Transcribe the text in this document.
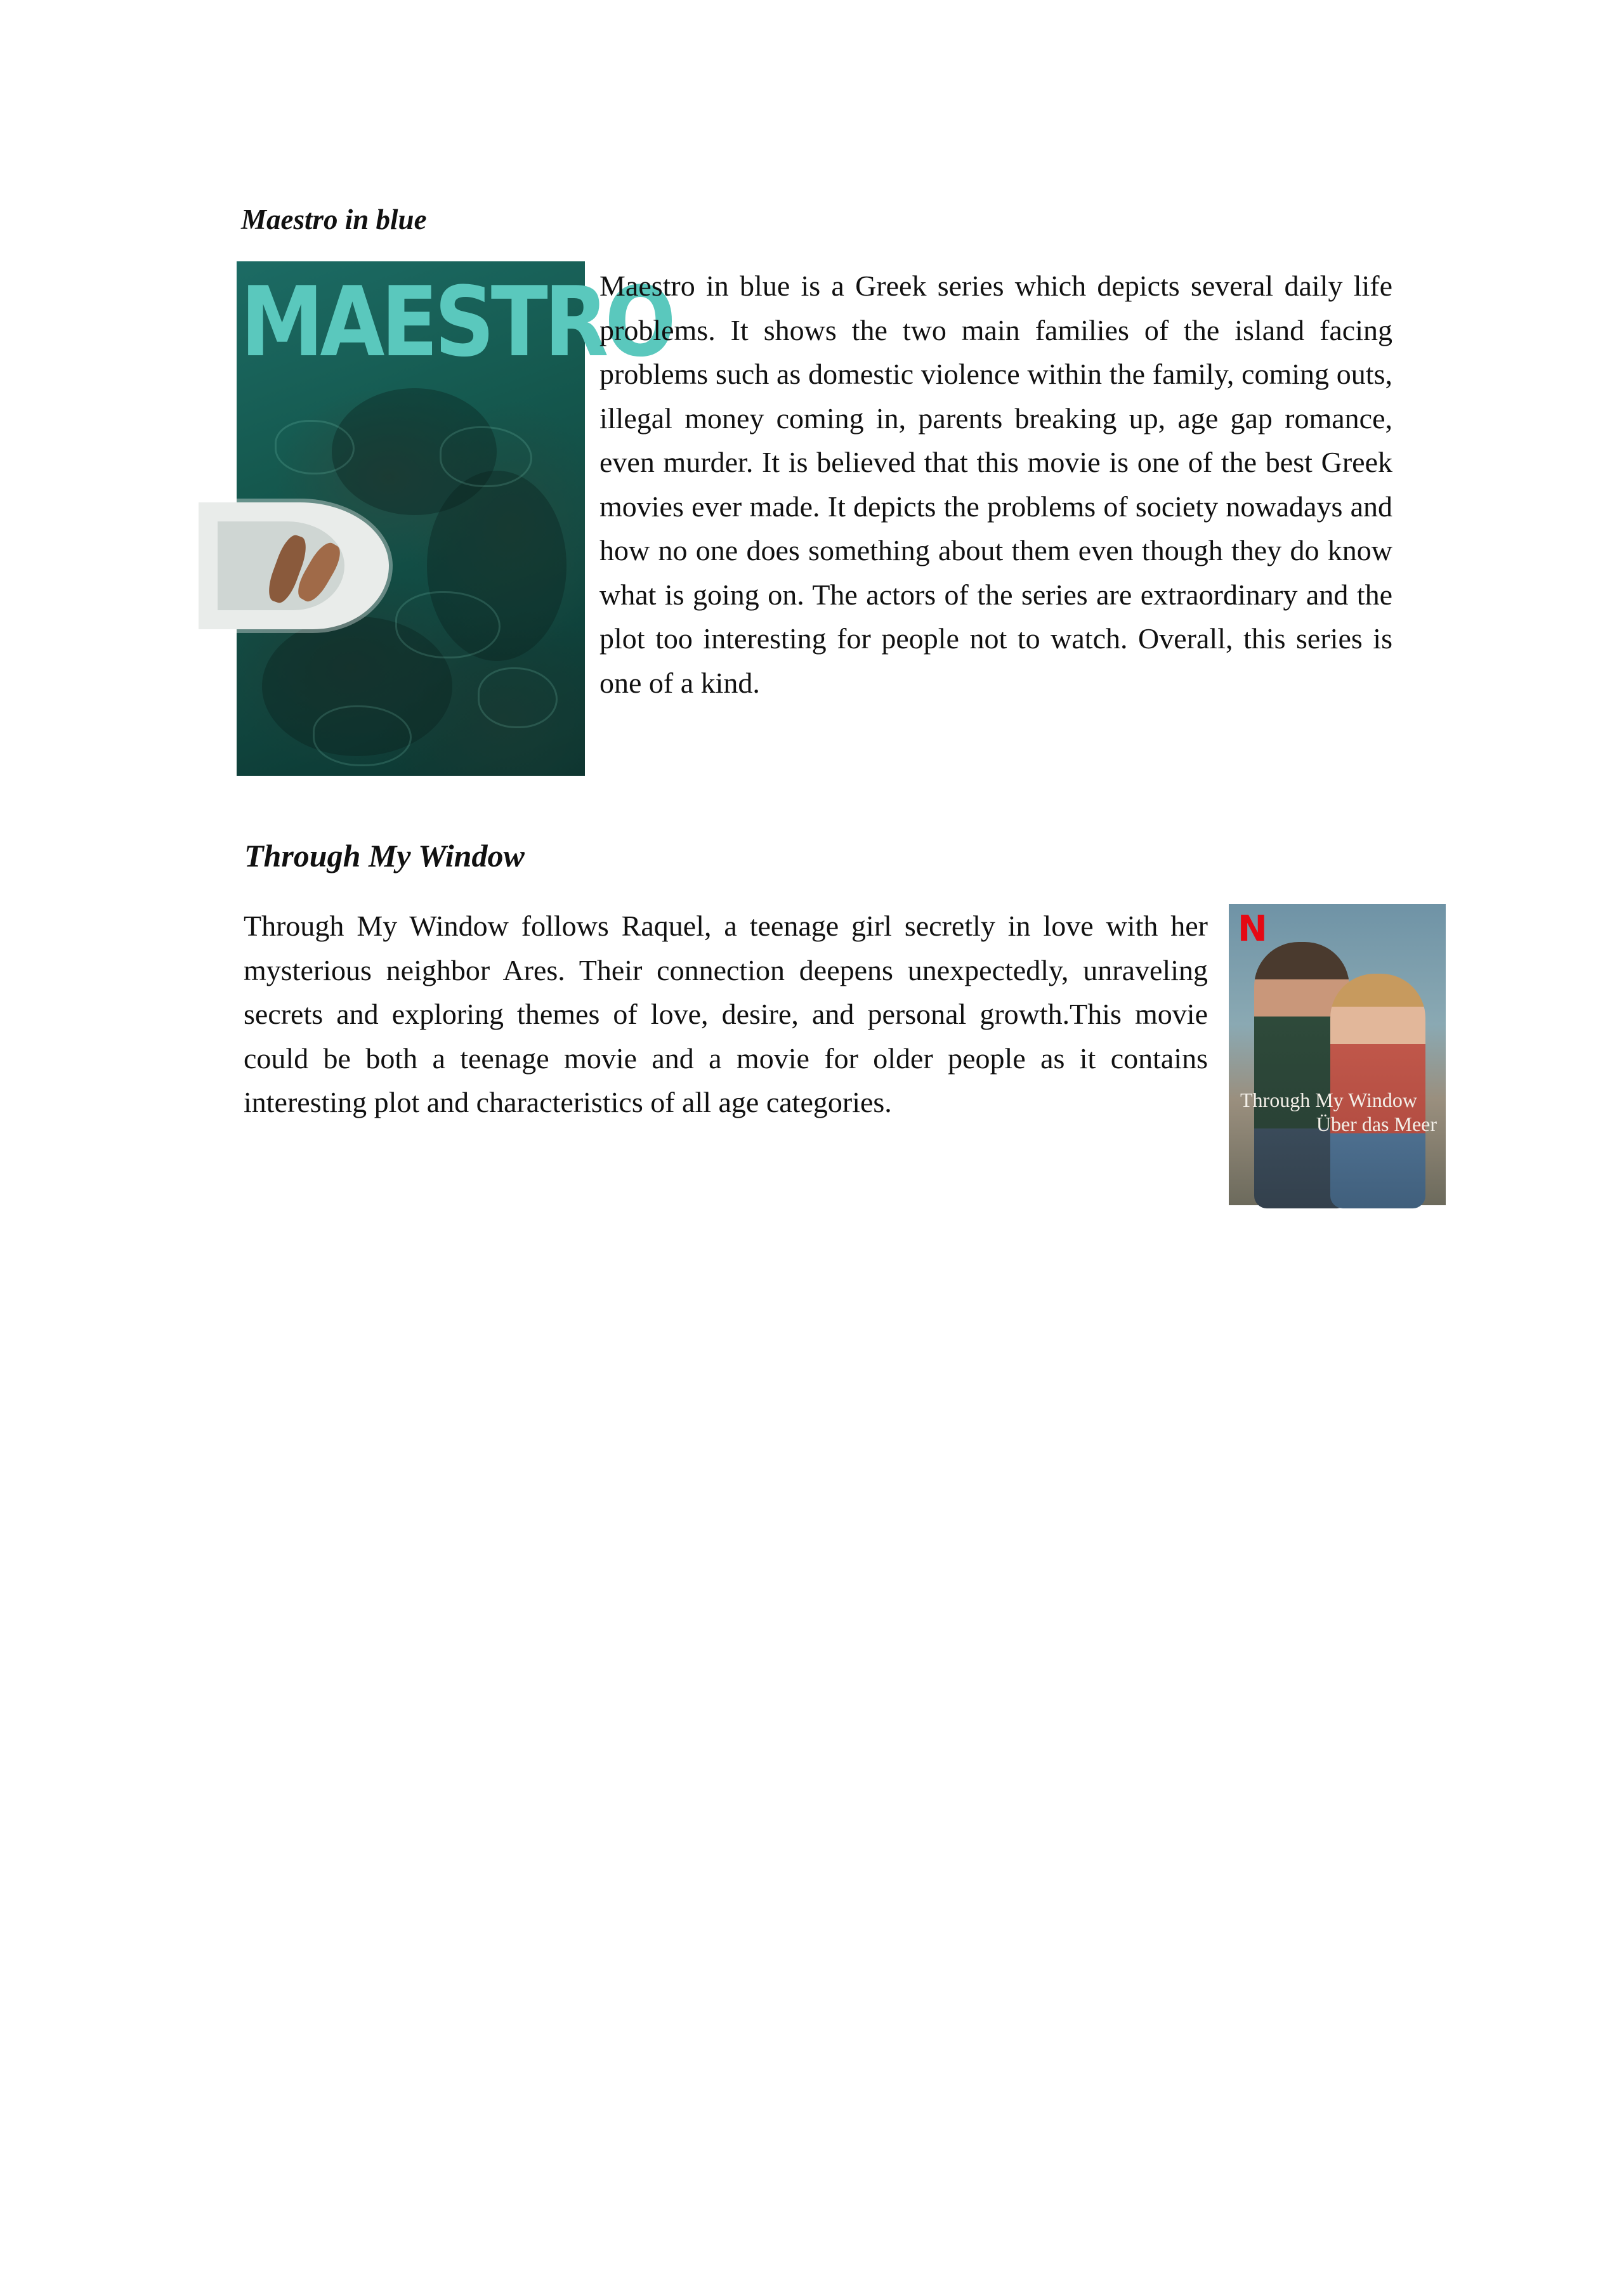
Maestro in blue
MAESTRO

Maestro in blue is a Greek series which depicts several daily life problems. It shows the two main families of the island facing problems such as domestic violence within the family, coming outs, illegal money coming in, parents breaking up, age gap romance, even murder. It is believed that this movie is one of the best Greek movies ever made. It depicts the problems of society nowadays and how no one does something about them even though they do know what is going on. The actors of the series are extraordinary and the plot too interesting for people not to watch. Overall, this series is one of a kind.

Through My Window

Through My Window follows Raquel, a teenage girl secretly in love with her mysterious neighbor Ares. Their connection deepens unexpectedly, unraveling secrets and exploring themes of love, desire, and personal growth.This movie could be both a teenage movie and a movie for older people as it contains interesting plot and characteristics of all age categories.

N
Through My Window
Über das Meer
